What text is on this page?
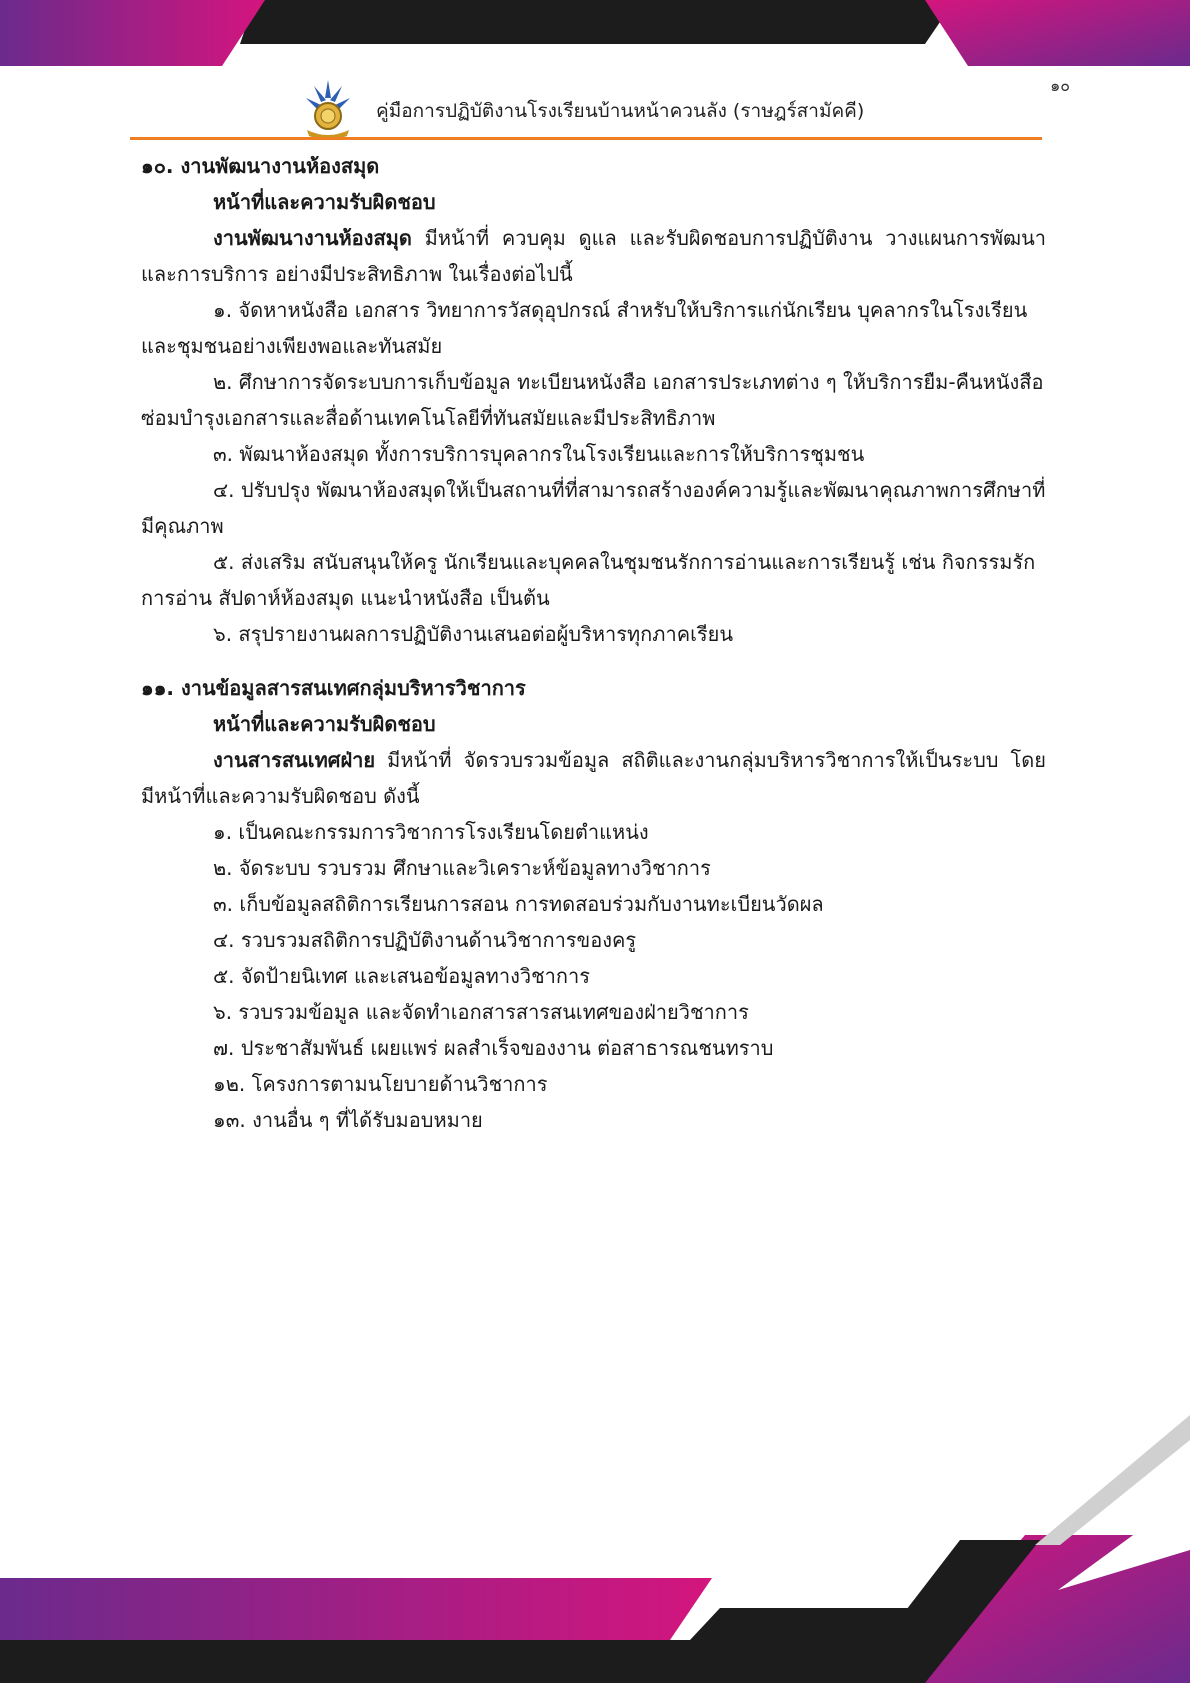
๑๐
คู่มือการปฏิบัติงานโรงเรียนบ้านหน้าควนลัง (ราษฎร์สามัคคี)

๑๐. งานพัฒนางานห้องสมุด

หน้าที่และความรับผิดชอบ

งานพัฒนางานห้องสมุด มีหน้าที่ ควบคุม ดูแล และรับผิดชอบการปฏิบัติงาน วางแผนการพัฒนาและการบริการ อย่างมีประสิทธิภาพ ในเรื่องต่อไปนี้

๑. จัดหาหนังสือ เอกสาร วิทยาการวัสดุอุปกรณ์ สำหรับให้บริการแก่นักเรียน บุคลากรในโรงเรียนและชุมชนอย่างเพียงพอและทันสมัย

๒. ศึกษาการจัดระบบการเก็บข้อมูล ทะเบียนหนังสือ เอกสารประเภทต่าง ๆ ให้บริการยืม-คืนหนังสือ ซ่อมบำรุงเอกสารและสื่อด้านเทคโนโลยีที่ทันสมัยและมีประสิทธิภาพ

๓. พัฒนาห้องสมุด ทั้งการบริการบุคลากรในโรงเรียนและการให้บริการชุมชน

๔. ปรับปรุง พัฒนาห้องสมุดให้เป็นสถานที่ที่สามารถสร้างองค์ความรู้และพัฒนาคุณภาพการศึกษาที่มีคุณภาพ

๕. ส่งเสริม สนับสนุนให้ครู นักเรียนและบุคคลในชุมชนรักการอ่านและการเรียนรู้ เช่น กิจกรรมรักการอ่าน สัปดาห์ห้องสมุด แนะนำหนังสือ เป็นต้น

๖. สรุปรายงานผลการปฏิบัติงานเสนอต่อผู้บริหารทุกภาคเรียน

๑๑. งานข้อมูลสารสนเทศกลุ่มบริหารวิชาการ

หน้าที่และความรับผิดชอบ

งานสารสนเทศฝ่าย มีหน้าที่ จัดรวบรวมข้อมูล สถิติและงานกลุ่มบริหารวิชาการให้เป็นระบบ โดยมีหน้าที่และความรับผิดชอบ ดังนี้

๑. เป็นคณะกรรมการวิชาการโรงเรียนโดยตำแหน่ง

๒. จัดระบบ รวบรวม ศึกษาและวิเคราะห์ข้อมูลทางวิชาการ

๓. เก็บข้อมูลสถิติการเรียนการสอน การทดสอบร่วมกับงานทะเบียนวัดผล

๔. รวบรวมสถิติการปฏิบัติงานด้านวิชาการของครู

๕. จัดป้ายนิเทศ และเสนอข้อมูลทางวิชาการ

๖. รวบรวมข้อมูล และจัดทำเอกสารสารสนเทศของฝ่ายวิชาการ

๗. ประชาสัมพันธ์ เผยแพร่ ผลสำเร็จของงาน ต่อสาธารณชนทราบ

๑๒. โครงการตามนโยบายด้านวิชาการ

๑๓. งานอื่น ๆ ที่ได้รับมอบหมาย
